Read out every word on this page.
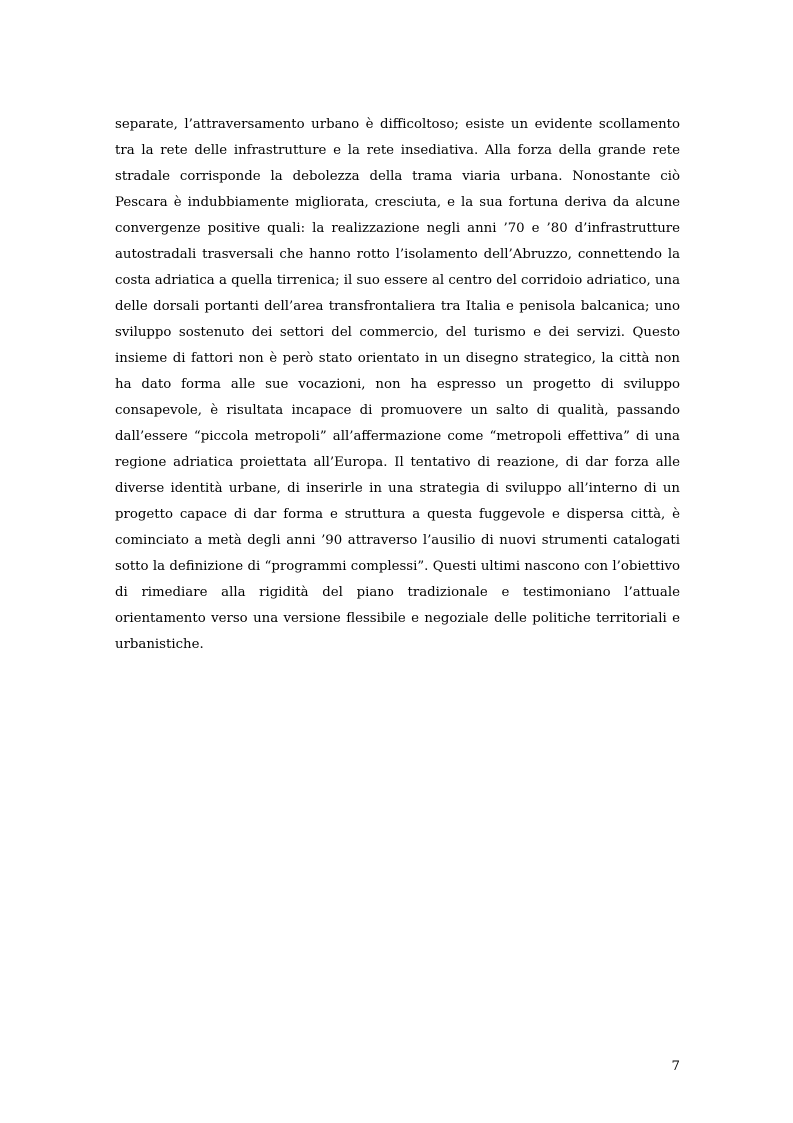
separate, l’attraversamento urbano è difficoltoso; esiste un evidente scollamento
tra la rete delle infrastrutture e la rete insediativa. Alla forza della grande rete
stradale corrisponde la debolezza della trama viaria urbana. Nonostante ciò
Pescara è indubbiamente migliorata, cresciuta, e la sua fortuna deriva da alcune
convergenze positive quali: la realizzazione negli anni ’70 e ’80 d’infrastrutture
autostradali trasversali che hanno rotto l’isolamento dell’Abruzzo, connettendo la
costa adriatica a quella tirrenica; il suo essere al centro del corridoio adriatico, una
delle dorsali portanti dell’area transfrontaliera tra Italia e penisola balcanica; uno
sviluppo sostenuto dei settori del commercio, del turismo e dei servizi. Questo
insieme di fattori non è però stato orientato in un disegno strategico, la città non
ha dato forma alle sue vocazioni, non ha espresso un progetto di sviluppo
consapevole, è risultata incapace di promuovere un salto di qualità, passando
dall’essere “piccola metropoli” all’affermazione come “metropoli effettiva” di una
regione adriatica proiettata all’Europa. Il tentativo di reazione, di dar forza alle
diverse identità urbane, di inserirle in una strategia di sviluppo all’interno di un
progetto capace di dar forma e struttura a questa fuggevole e dispersa città, è
cominciato a metà degli anni ’90 attraverso l’ausilio di nuovi strumenti catalogati
sotto la definizione di “programmi complessi”. Questi ultimi nascono con l’obiettivo
di rimediare alla rigidità del piano tradizionale e testimoniano l’attuale
orientamento verso una versione flessibile e negoziale delle politiche territoriali e
urbanistiche.
7
